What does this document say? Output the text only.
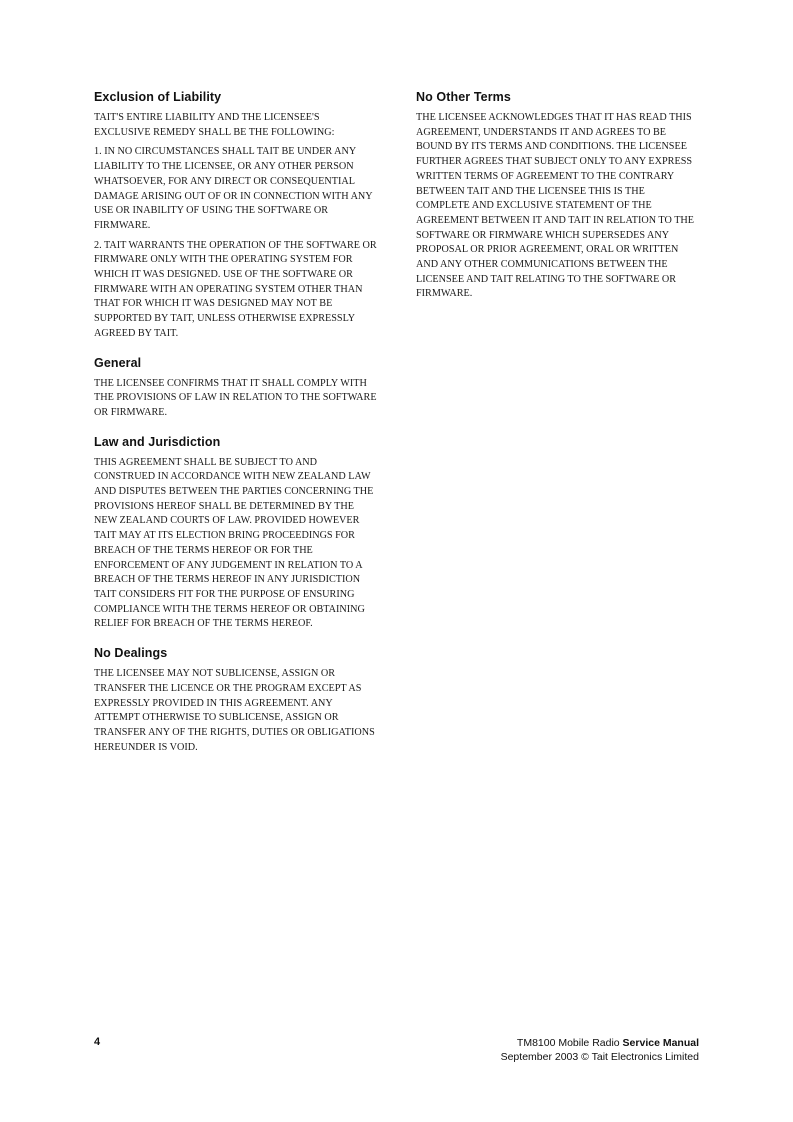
Exclusion of Liability

TAIT'S ENTIRE LIABILITY AND THE LICENSEE'S EXCLUSIVE REMEDY SHALL BE THE FOLLOWING:

1. IN NO CIRCUMSTANCES SHALL TAIT BE UNDER ANY LIABILITY TO THE LICENSEE, OR ANY OTHER PERSON WHATSOEVER, FOR ANY DIRECT OR CONSEQUENTIAL DAMAGE ARISING OUT OF OR IN CONNECTION WITH ANY USE OR INABILITY OF USING THE SOFTWARE OR FIRMWARE.

2. TAIT WARRANTS THE OPERATION OF THE SOFTWARE OR FIRMWARE ONLY WITH THE OPERATING SYSTEM FOR WHICH IT WAS DESIGNED. USE OF THE SOFTWARE OR FIRMWARE WITH AN OPERATING SYSTEM OTHER THAN THAT FOR WHICH IT WAS DESIGNED MAY NOT BE SUPPORTED BY TAIT, UNLESS OTHERWISE EXPRESSLY AGREED BY TAIT.

General

THE LICENSEE CONFIRMS THAT IT SHALL COMPLY WITH THE PROVISIONS OF LAW IN RELATION TO THE SOFTWARE OR FIRMWARE.

Law and Jurisdiction

THIS AGREEMENT SHALL BE SUBJECT TO AND CONSTRUED IN ACCORDANCE WITH NEW ZEALAND LAW AND DISPUTES BETWEEN THE PARTIES CONCERNING THE PROVISIONS HEREOF SHALL BE DETERMINED BY THE NEW ZEALAND COURTS OF LAW. PROVIDED HOWEVER TAIT MAY AT ITS ELECTION BRING PROCEEDINGS FOR BREACH OF THE TERMS HEREOF OR FOR THE ENFORCEMENT OF ANY JUDGEMENT IN RELATION TO A BREACH OF THE TERMS HEREOF IN ANY JURISDICTION TAIT CONSIDERS FIT FOR THE PURPOSE OF ENSURING COMPLIANCE WITH THE TERMS HEREOF OR OBTAINING RELIEF FOR BREACH OF THE TERMS HEREOF.

No Dealings

THE LICENSEE MAY NOT SUBLICENSE, ASSIGN OR TRANSFER THE LICENCE OR THE PROGRAM EXCEPT AS EXPRESSLY PROVIDED IN THIS AGREEMENT. ANY ATTEMPT OTHERWISE TO SUBLICENSE, ASSIGN OR TRANSFER ANY OF THE RIGHTS, DUTIES OR OBLIGATIONS HEREUNDER IS VOID.

No Other Terms

THE LICENSEE ACKNOWLEDGES THAT IT HAS READ THIS AGREEMENT, UNDERSTANDS IT AND AGREES TO BE BOUND BY ITS TERMS AND CONDITIONS. THE LICENSEE FURTHER AGREES THAT SUBJECT ONLY TO ANY EXPRESS WRITTEN TERMS OF AGREEMENT TO THE CONTRARY BETWEEN TAIT AND THE LICENSEE THIS IS THE COMPLETE AND EXCLUSIVE STATEMENT OF THE AGREEMENT BETWEEN IT AND TAIT IN RELATION TO THE SOFTWARE OR FIRMWARE WHICH SUPERSEDES ANY PROPOSAL OR PRIOR AGREEMENT, ORAL OR WRITTEN AND ANY OTHER COMMUNICATIONS BETWEEN THE LICENSEE AND TAIT RELATING TO THE SOFTWARE OR FIRMWARE.

4	TM8100 Mobile Radio Service Manual
September 2003 © Tait Electronics Limited
